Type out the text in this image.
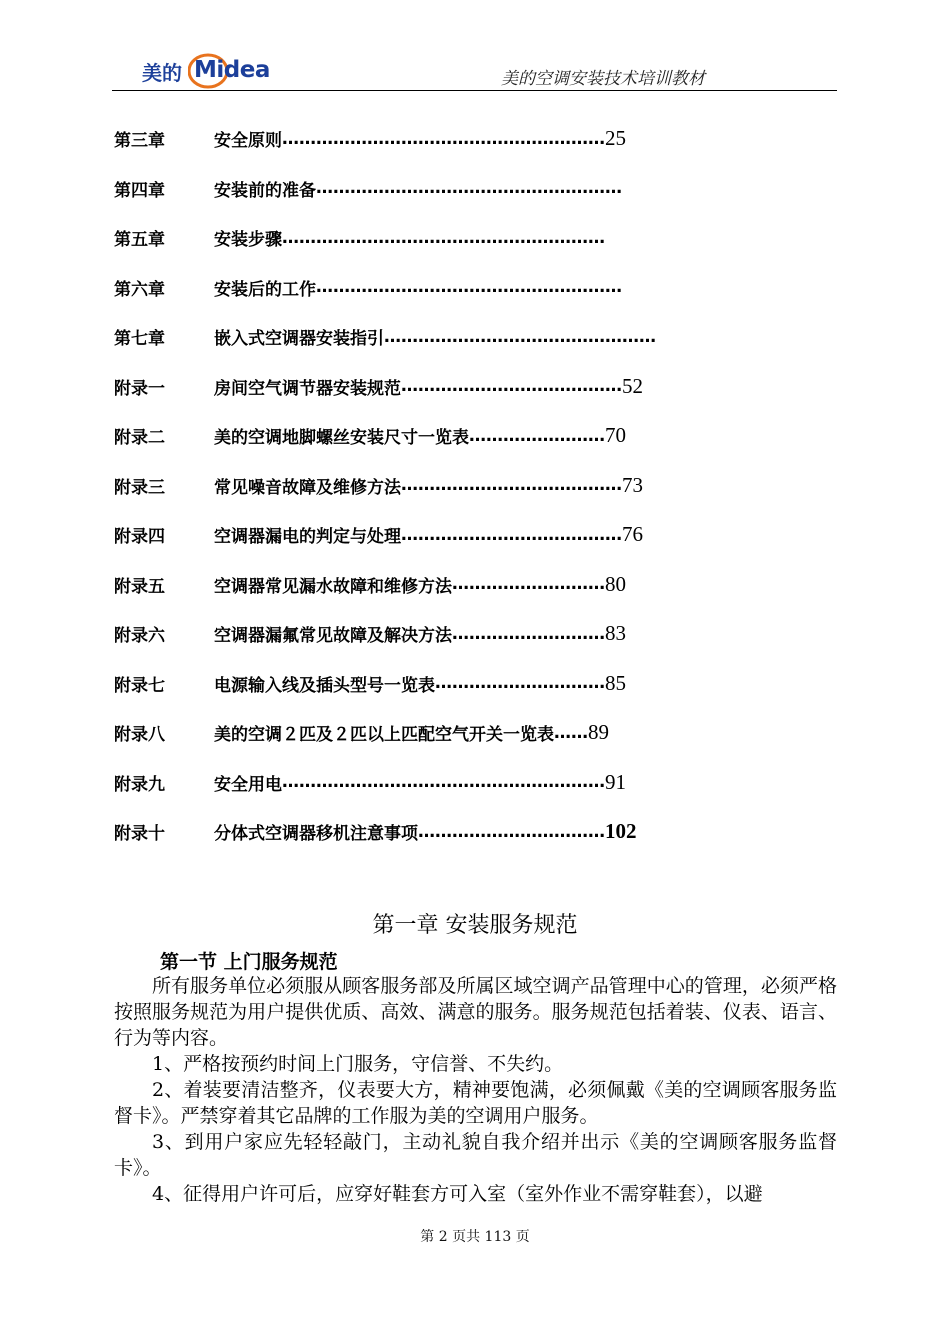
美的 Midea	美的空调安装技术培训教材
第三章	安全原则 ………………………………………………… 25
第四章	安装前的准备 ………………………………………………
第五章	安装步骤 …………………………………………………
第六章	安装后的工作 ………………………………………………
第七章	嵌入式空调器安装指引 …………………………………………
附录一	房间空气调节器安装规范 ………………………………… 52
附录二	美的空调地脚螺丝安装尺寸一览表 …………………… 70
附录三	常见噪音故障及维修方法 ………………………………… 73
附录四	空调器漏电的判定与处理 ………………………………… 76
附录五	空调器常见漏水故障和维修方法 ……………………… 80
附录六	空调器漏氟常见故障及解决方法 ……………………… 83
附录七	电源输入线及插头型号一览表 ………………………… 85
附录八	美的空调２匹及２匹以上匹配空气开关一览表 …… 89
附录九	安全用电 ………………………………………………… 91
附录十	分体式空调器移机注意事项 …………………………… 102
第一章 安装服务规范
第一节 上门服务规范

所有服务单位必须服从顾客服务部及所属区域空调产品管理中心的管理，必须严格按照服务规范为用户提供优质、高效、满意的服务。服务规范包括着装、仪表、语言、行为等内容。

1、严格按预约时间上门服务，守信誉、不失约。

2、着装要清洁整齐，仪表要大方，精神要饱满，必须佩戴《美的空调顾客服务监督卡》。严禁穿着其它品牌的工作服为美的空调用户服务。

3、到用户家应先轻轻敲门，主动礼貌自我介绍并出示《美的空调顾客服务监督卡》。

4、征得用户许可后，应穿好鞋套方可入室（室外作业不需穿鞋套），以避

第 2 页共 113 页
